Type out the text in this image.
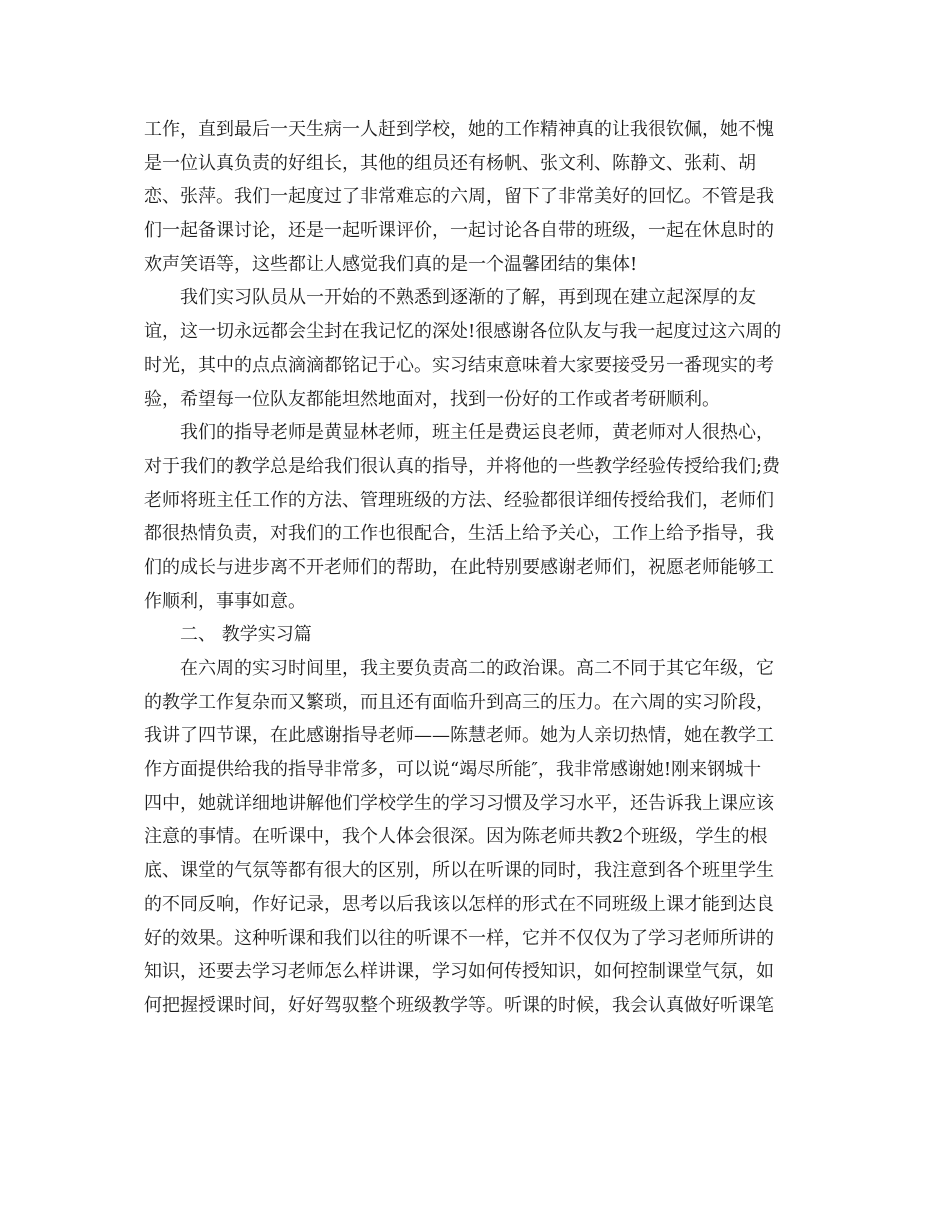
工作，直到最后一天生病一人赶到学校，她的工作精神真的让我很钦佩，她不愧
是一位认真负责的好组长，其他的组员还有杨帆、张文利、陈静文、张莉、胡
恋、张萍。我们一起度过了非常难忘的六周，留下了非常美好的回忆。不管是我
们一起备课讨论，还是一起听课评价，一起讨论各自带的班级，一起在休息时的
欢声笑语等，这些都让人感觉我们真的是一个温馨团结的集体!
我们实习队员从一开始的不熟悉到逐渐的了解，再到现在建立起深厚的友
谊，这一切永远都会尘封在我记忆的深处!很感谢各位队友与我一起度过这六周的
时光，其中的点点滴滴都铭记于心。实习结束意味着大家要接受另一番现实的考
验，希望每一位队友都能坦然地面对，找到一份好的工作或者考研顺利。
我们的指导老师是黄显林老师，班主任是费运良老师，黄老师对人很热心，
对于我们的教学总是给我们很认真的指导，并将他的一些教学经验传授给我们;费
老师将班主任工作的方法、管理班级的方法、经验都很详细传授给我们，老师们
都很热情负责，对我们的工作也很配合，生活上给予关心，工作上给予指导，我
们的成长与进步离不开老师们的帮助，在此特别要感谢老师们，祝愿老师能够工
作顺利，事事如意。
二、 教学实习篇
在六周的实习时间里，我主要负责高二的政治课。高二不同于其它年级，它
的教学工作复杂而又繁琐，而且还有面临升到高三的压力。在六周的实习阶段，
我讲了四节课，在此感谢指导老师——陈慧老师。她为人亲切热情，她在教学工
作方面提供给我的指导非常多，可以说“竭尽所能″，我非常感谢她!刚来钢城十
四中，她就详细地讲解他们学校学生的学习习惯及学习水平，还告诉我上课应该
注意的事情。在听课中，我个人体会很深。因为陈老师共教2个班级，学生的根
底、课堂的气氛等都有很大的区别，所以在听课的同时，我注意到各个班里学生
的不同反响，作好记录，思考以后我该以怎样的形式在不同班级上课才能到达良
好的效果。这种听课和我们以往的听课不一样，它并不仅仅为了学习老师所讲的
知识，还要去学习老师怎么样讲课，学习如何传授知识，如何控制课堂气氛，如
何把握授课时间，好好驾驭整个班级教学等。听课的时候，我会认真做好听课笔
